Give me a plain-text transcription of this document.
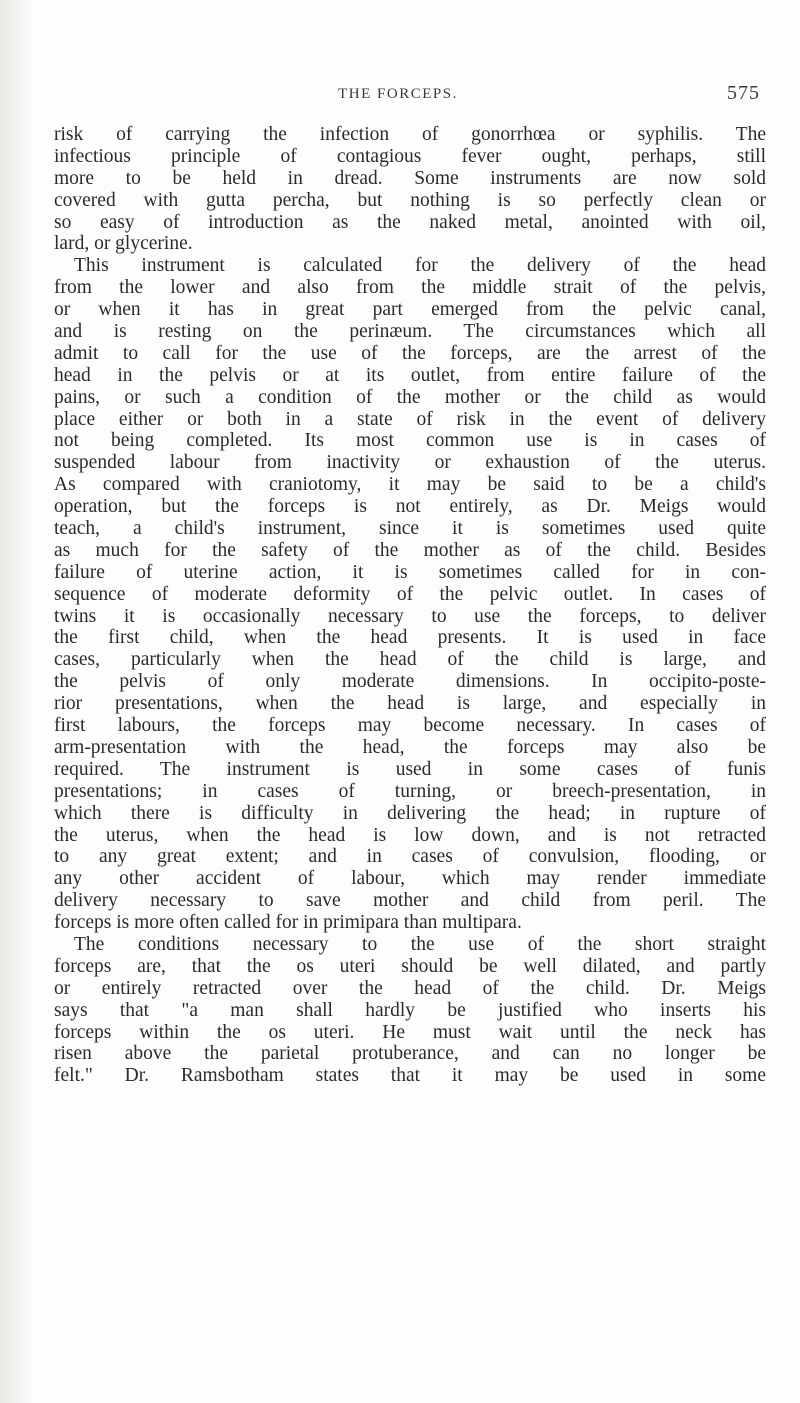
THE FORCEPS.	575
risk of carrying the infection of gonorrhœa or syphilis. The
infectious principle of contagious fever ought, perhaps, still
more to be held in dread. Some instruments are now sold
covered with gutta percha, but nothing is so perfectly clean or
so easy of introduction as the naked metal, anointed with oil,
lard, or glycerine.
This instrument is calculated for the delivery of the head
from the lower and also from the middle strait of the pelvis,
or when it has in great part emerged from the pelvic canal,
and is resting on the perinæum. The circumstances which all
admit to call for the use of the forceps, are the arrest of the
head in the pelvis or at its outlet, from entire failure of the
pains, or such a condition of the mother or the child as would
place either or both in a state of risk in the event of delivery
not being completed. Its most common use is in cases of
suspended labour from inactivity or exhaustion of the uterus.
As compared with craniotomy, it may be said to be a child's
operation, but the forceps is not entirely, as Dr. Meigs would
teach, a child's instrument, since it is sometimes used quite
as much for the safety of the mother as of the child. Besides
failure of uterine action, it is sometimes called for in con-
sequence of moderate deformity of the pelvic outlet. In cases of
twins it is occasionally necessary to use the forceps, to deliver
the first child, when the head presents. It is used in face
cases, particularly when the head of the child is large, and
the pelvis of only moderate dimensions. In occipito-poste-
rior presentations, when the head is large, and especially in
first labours, the forceps may become necessary. In cases of
arm-presentation with the head, the forceps may also be
required. The instrument is used in some cases of funis
presentations; in cases of turning, or breech-presentation, in
which there is difficulty in delivering the head; in rupture of
the uterus, when the head is low down, and is not retracted
to any great extent; and in cases of convulsion, flooding, or
any other accident of labour, which may render immediate
delivery necessary to save mother and child from peril. The
forceps is more often called for in primipara than multipara.
The conditions necessary to the use of the short straight
forceps are, that the os uteri should be well dilated, and partly
or entirely retracted over the head of the child. Dr. Meigs
says that "a man shall hardly be justified who inserts his
forceps within the os uteri. He must wait until the neck has
risen above the parietal protuberance, and can no longer be
felt." Dr. Ramsbotham states that it may be used in some
